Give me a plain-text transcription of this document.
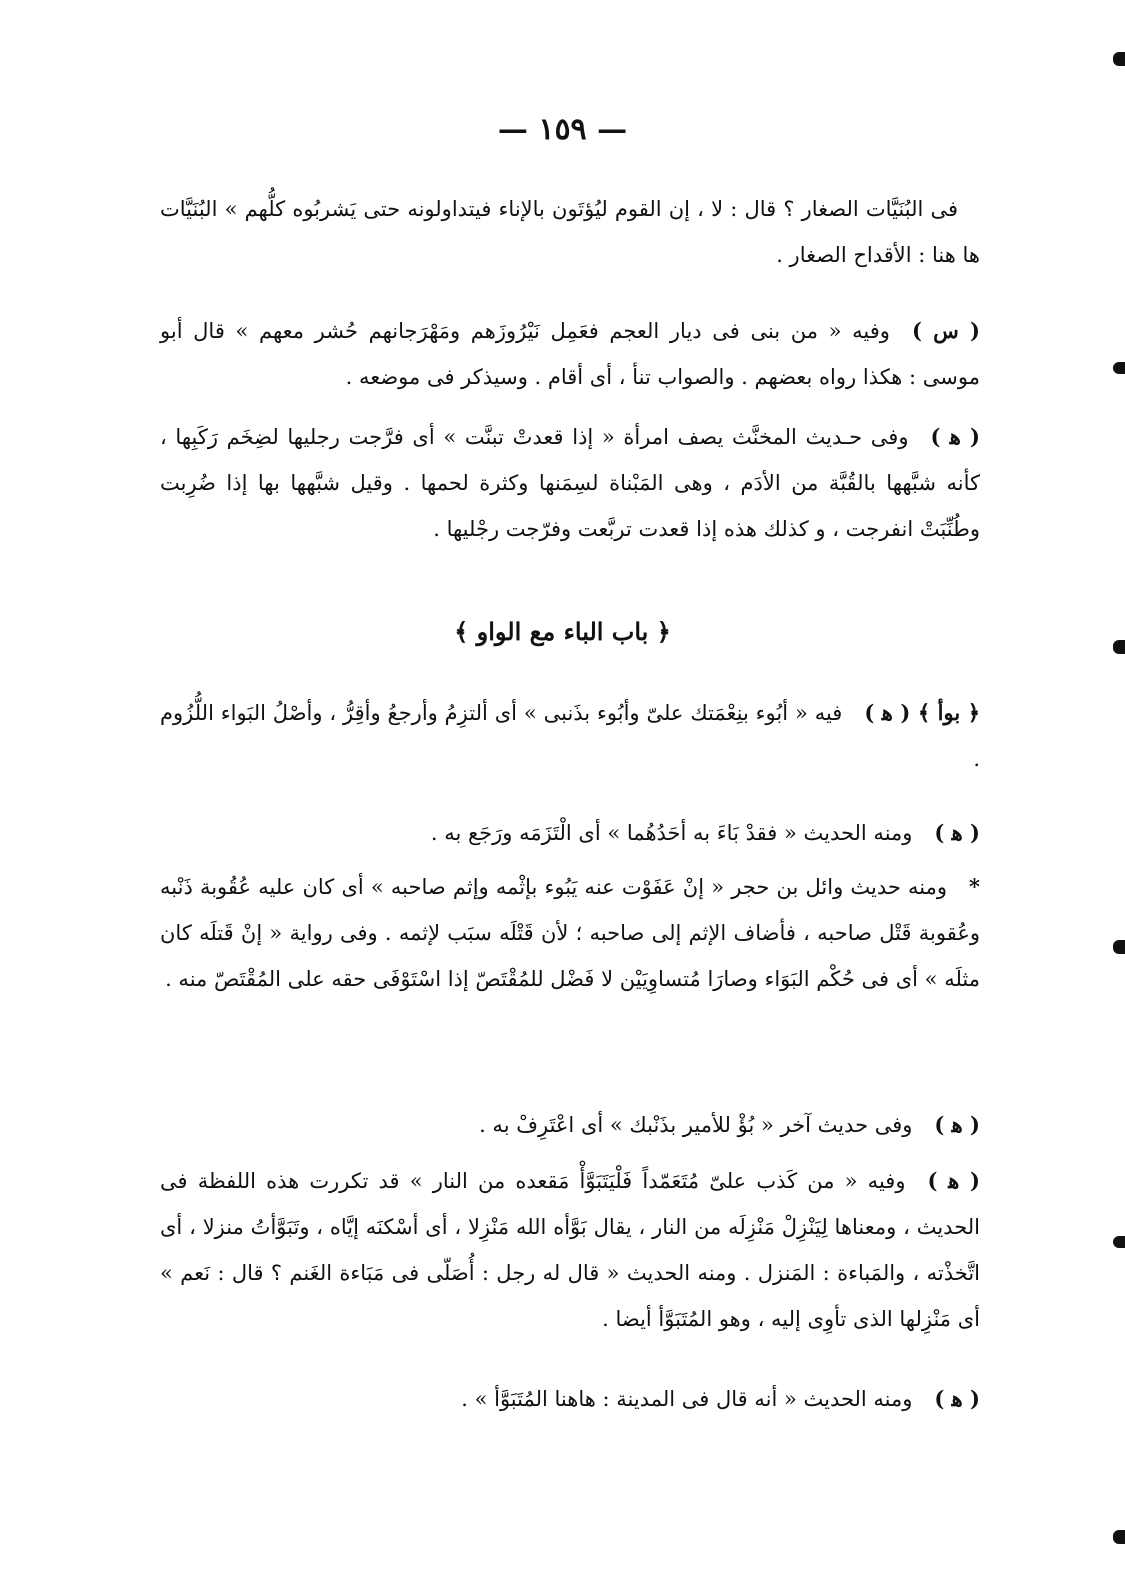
— ١٥٩ —

فى البُنَيَّات الصغار ؟ قال : لا ، إن القوم ليُؤتَون بالإناء فيتداولونه حتى يَشربُوه كلُّهم » البُنَيَّات ها هنا : الأقداح الصغار .

( س )وفيه « من بنى فى ديار العجم فعَمِل نَيْرُوزَهم ومَهْرَجانهم حُشر معهم » قال أبو موسى : هكذا رواه بعضهم . والصواب تنأ ، أى أقام . وسيذكر فى موضعه .

( ﻫ )وفى حـديث المخنَّث يصف امرأة « إذا قعدتْ تبنَّت » أى فرَّجت رجليها لضِخَم رَكَبِها ، كأنه شبَّهها بالقُبَّة من الأدَم ، وهى المَبْناة لسِمَنها وكثرة لحمها . وقيل شبَّهها بها إذا ضُرِبت وطُنِّبَتْ انفرجت ، و كذلك هذه إذا قعدت تربَّعت وفرّجت رجْليها .

﴿ باب الباء مع الواو ﴾

﴿ بوأ ﴾ ( ﻫ )فيه « أبُوء بنِعْمَتك علىّ وأبُوء بذَنبى » أى ألتزِمُ وأرجعُ وأقِرُّ ، وأصْلُ البَواء اللُّزُوم .

( ﻫ )ومنه الحديث « فقدْ بَاءَ به أحَدُهُما » أى الْتَزَمَه ورَجَع به .

*ومنه حديث وائل بن حجر « إنْ عَفَوْت عنه يَبُوء بإثْمه وإثم صاحبه » أى كان عليه عُقُوبة ذَنْبه وعُقوبة قَتْل صاحبه ، فأضاف الإثم إلى صاحبه ؛ لأن قَتْلَه سبَب لإثمه . وفى رواية « إنْ قَتلَه كان مثلَه » أى فى حُكْم البَوَاء وصارَا مُتساوِيَيْن لا فَضْل للمُقْتَصّ إذا اسْتَوْفَى حقه على المُقْتَصّ منه .

( ﻫ )وفى حديث آخر « بُؤْ للأمير بذَنْبك » أى اعْتَرِفْ به .

( ﻫ )وفيه « من كَذب علىّ مُتَعَمّداً فَلْيَتَبَوَّأْ مَقعده من النار » قد تكررت هذه اللفظة فى الحديث ، ومعناها لِيَنْزِلْ مَنْزِلَه من النار ، يقال بَوَّأه الله مَنْزِلا ، أى أسْكنَه إيَّاه ، وتَبَوَّأتُ منزلا ، أى اتَّخذْته ، والمَباءة : المَنزل . ومنه الحديث « قال له رجل : أُصَلّى فى مَبَاءة الغَنم ؟ قال : نَعم » أى مَنْزِلها الذى تأوِى إليه ، وهو المُتَبَوَّأ أيضا .

( ﻫ )ومنه الحديث « أنه قال فى المدينة : هاهنا المُتَبَوَّأ » .
